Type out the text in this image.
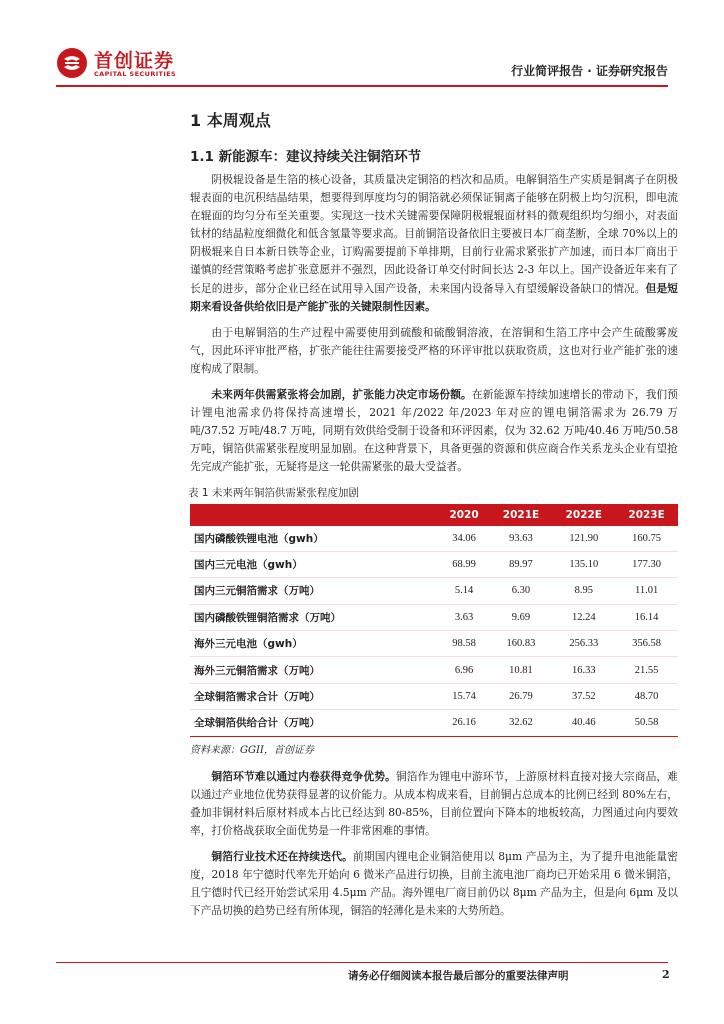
首创证券
CAPITAL SECURITIES	行业简评报告 · 证券研究报告
1 本周观点
1.1 新能源车：建议持续关注铜箔环节

阴极辊设备是生箔的核心设备，其质量决定铜箔的档次和品质。电解铜箔生产实质是铜离子在阴极辊表面的电沉积结晶结果，想要得到厚度均匀的铜箔就必须保证铜离子能够在阴极上均匀沉积，即电流在辊面的均匀分布至关重要。实现这一技术关键需要保障阴极辊辊面材料的微观组织均匀细小，对表面钛材的结晶粒度细微化和低含氢量等要求高。目前铜箔设备依旧主要被日本厂商垄断，全球 70%以上的阴极辊来自日本新日铁等企业，订购需要提前下单排期，目前行业需求紧张扩产加速，而日本厂商出于谨慎的经营策略考虑扩张意愿并不强烈，因此设备订单交付时间长达 2-3 年以上。国产设备近年来有了长足的进步，部分企业已经在试用导入国产设备，未来国内设备导入有望缓解设备缺口的情况。但是短期来看设备供给依旧是产能扩张的关键限制性因素。

由于电解铜箔的生产过程中需要使用到硫酸和硫酸铜溶液，在溶铜和生箔工序中会产生硫酸雾废气，因此环评审批严格，扩张产能往往需要接受严格的环评审批以获取资质，这也对行业产能扩张的速度构成了限制。

未来两年供需紧张将会加剧，扩张能力决定市场份额。在新能源车持续加速增长的带动下，我们预计锂电池需求仍将保持高速增长，2021 年/2022 年/2023 年对应的锂电铜箔需求为 26.79 万吨/37.52 万吨/48.7 万吨，同期有效供给受制于设备和环评因素，仅为 32.62 万吨/40.46 万吨/50.58 万吨，铜箔供需紧张程度明显加剧。在这种背景下，具备更强的资源和供应商合作关系龙头企业有望抢先完成产能扩张，无疑将是这一轮供需紧张的最大受益者。

表 1 未来两年铜箔供需紧张程度加剧
	2020	2021E	2022E	2023E
国内磷酸铁锂电池（gwh）	34.06	93.63	121.90	160.75
国内三元电池（gwh）	68.99	89.97	135.10	177.30
国内三元铜箔需求（万吨）	5.14	6.30	8.95	11.01
国内磷酸铁锂铜箔需求（万吨）	3.63	9.69	12.24	16.14
海外三元电池（gwh）	98.58	160.83	256.33	356.58
海外三元铜箔需求（万吨）	6.96	10.81	16.33	21.55
全球铜箔需求合计（万吨）	15.74	26.79	37.52	48.70
全球铜箔供给合计（万吨）	26.16	32.62	40.46	50.58
资料来源：GGII，首创证券

铜箔环节难以通过内卷获得竞争优势。铜箔作为锂电中游环节，上游原材料直接对接大宗商品，难以通过产业地位优势获得显著的议价能力。从成本构成来看，目前铜占总成本的比例已经到 80%左右，叠加非铜材料后原材料成本占比已经达到 80-85%，目前位置向下降本的地板较高，力图通过向内要效率，打价格战获取全面优势是一件非常困难的事情。

铜箔行业技术还在持续迭代。前期国内锂电企业铜箔使用以 8μm 产品为主，为了提升电池能量密度，2018 年宁德时代率先开始向 6 微米产品进行切换，目前主流电池厂商均已开始采用 6 微米铜箔，且宁德时代已经开始尝试采用 4.5μm 产品。海外锂电厂商目前仍以 8μm 产品为主，但是向 6μm 及以下产品切换的趋势已经有所体现，铜箔的轻薄化是未来的大势所趋。

请务必仔细阅读本报告最后部分的重要法律声明	2
